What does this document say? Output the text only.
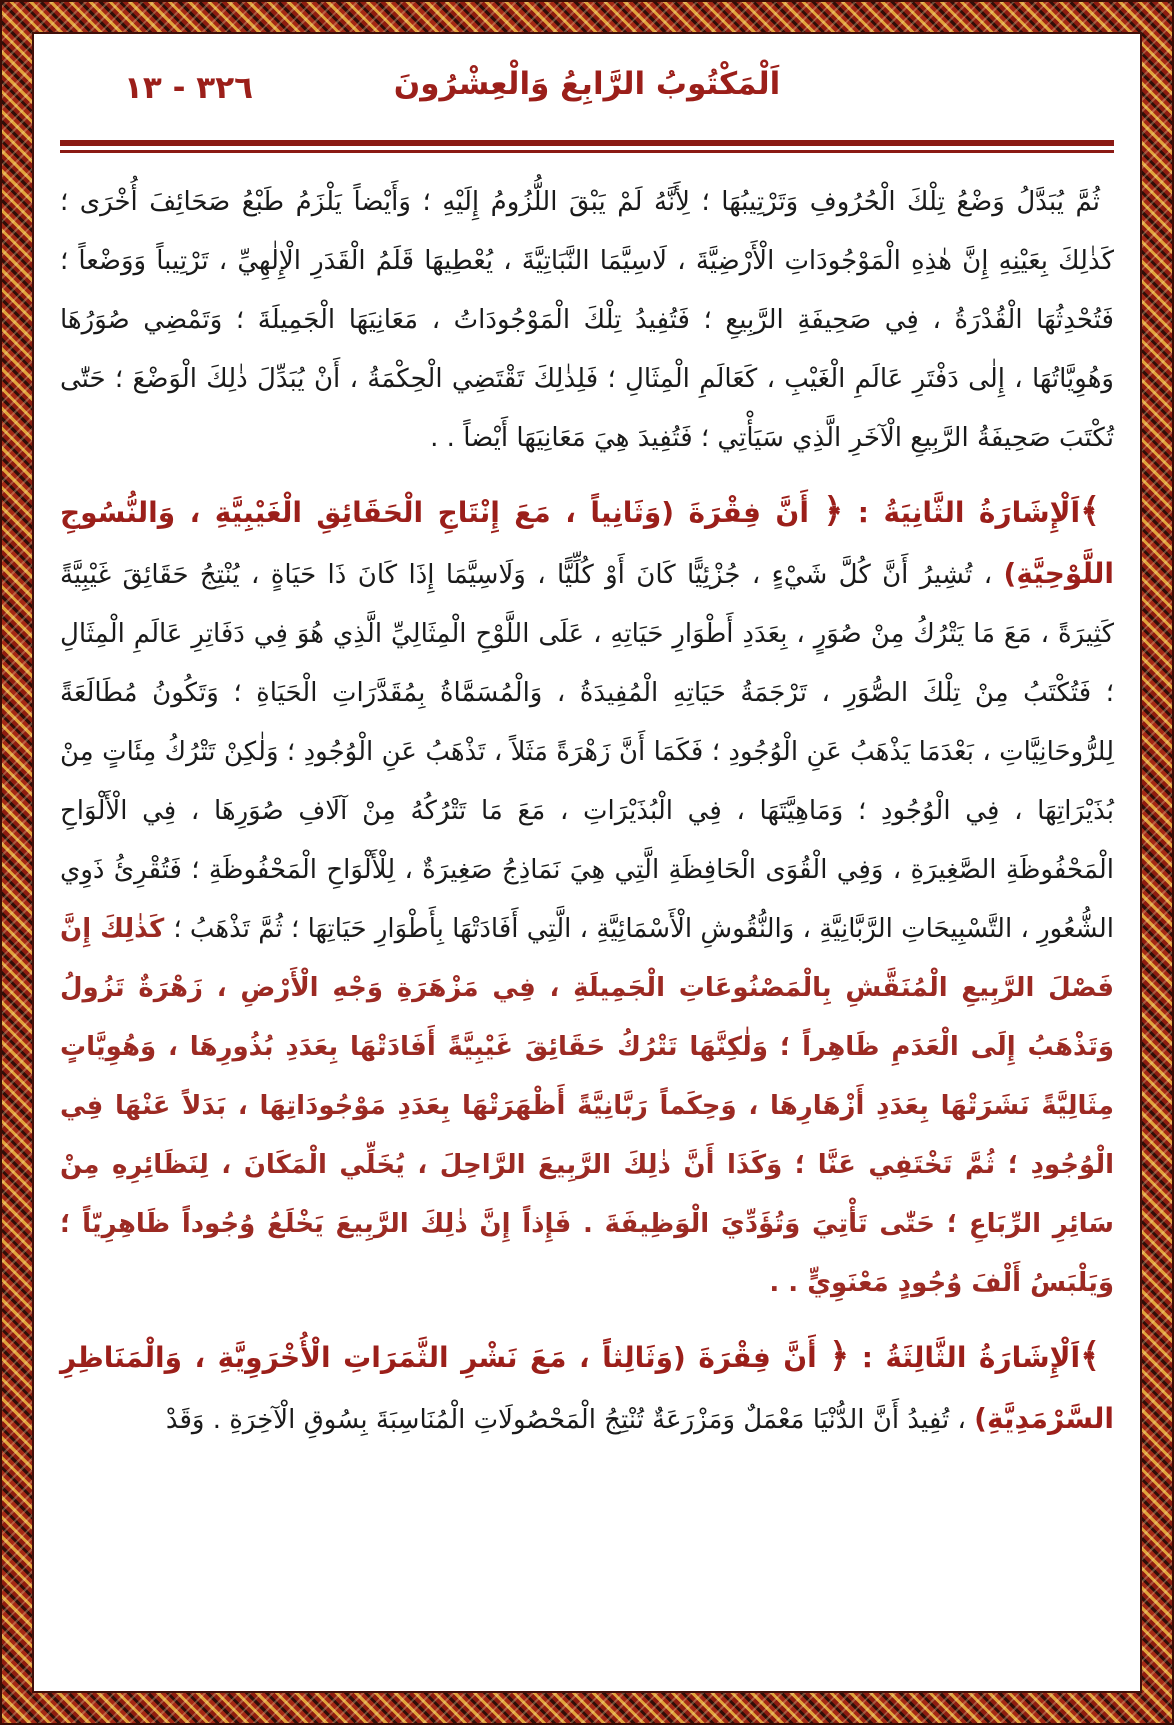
٣٢٦ - ١٣	اَلْمَكْتُوبُ الرَّابِعُ وَالْعِشْرُونَ

ثُمَّ يُبَدَّلُ وَضْعُ تِلْكَ الْحُرُوفِ وَتَرْتِيبُهَا ؛ لِأَنَّهُ لَمْ يَبْقَ اللُّزُومُ إِلَيْهِ ؛ وَأَيْضاً يَلْزَمُ طَبْعُ صَحَائِفَ أُخْرَى ؛ كَذٰلِكَ بِعَيْنِهِ إِنَّ هٰذِهِ الْمَوْجُودَاتِ الْأَرْضِيَّةَ ، لَاسِيَّمَا النَّبَاتِيَّةَ ، يُعْطِيهَا قَلَمُ الْقَدَرِ الْإِلٰهِيِّ ، تَرْتِيباً وَوَضْعاً ؛ فَتُحْدِثُهَا الْقُدْرَةُ ، فِي صَحِيفَةِ الرَّبِيعِ ؛ فَتُفِيدُ تِلْكَ الْمَوْجُودَاتُ ، مَعَانِيَهَا الْجَمِيلَةَ ؛ وَتَمْضِي صُوَرُهَا وَهُوِيَّاتُهَا ، إِلٰى دَفْتَرِ عَالَمِ الْغَيْبِ ، كَعَالَمِ الْمِثَالِ ؛ فَلِذٰلِكَ تَقْتَضِي الْحِكْمَةُ ، أَنْ يُبَدِّلَ ذٰلِكَ الْوَضْعَ ؛ حَتّٰى تُكْتَبَ صَحِيفَةُ الرَّبِيعِ الْآخَرِ الَّذِي سَيَأْتِي ؛ فَتُفِيدَ هِيَ مَعَانِيَهَا أَيْضاً . .

﴾اَلْإِشَارَةُ الثَّانِيَةُ : ﴿ أَنَّ فِقْرَةَ (وَثَانِياً ، مَعَ إِنْتَاجِ الْحَقَائِقِ الْغَيْبِيَّةِ ، وَالنُّسُوجِ اللَّوْحِيَّةِ) ، تُشِيرُ أَنَّ كُلَّ شَيْءٍ ، جُزْئِيًّا كَانَ أَوْ كُلِّيًّا ، وَلَاسِيَّمَا إِذَا كَانَ ذَا حَيَاةٍ ، يُنْتِجُ حَقَائِقَ غَيْبِيَّةً كَثِيرَةً ، مَعَ مَا يَتْرُكُ مِنْ صُوَرٍ ، بِعَدَدِ أَطْوَارِ حَيَاتِهِ ، عَلَى اللَّوْحِ الْمِثَالِيِّ الَّذِي هُوَ فِي دَفَاتِرِ عَالَمِ الْمِثَالِ ؛ فَتُكْتَبُ مِنْ تِلْكَ الصُّوَرِ ، تَرْجَمَةُ حَيَاتِهِ الْمُفِيدَةُ ، وَالْمُسَمَّاةُ بِمُقَدَّرَاتِ الْحَيَاةِ ؛ وَتَكُونُ مُطَالَعَةً لِلرُّوحَانِيَّاتِ ، بَعْدَمَا يَذْهَبُ عَنِ الْوُجُودِ ؛ فَكَمَا أَنَّ زَهْرَةً مَثَلاً ، تَذْهَبُ عَنِ الْوُجُودِ ؛ وَلٰكِنْ تَتْرُكُ مِئَاتٍ مِنْ بُذَيْرَاتِهَا ، فِي الْوُجُودِ ؛ وَمَاهِيَّتَهَا ، فِي الْبُذَيْرَاتِ ، مَعَ مَا تَتْرُكُهُ مِنْ آلَافِ صُوَرِهَا ، فِي الْأَلْوَاحِ الْمَحْفُوظَةِ الصَّغِيرَةِ ، وَفِي الْقُوَى الْحَافِظَةِ الَّتِي هِيَ نَمَاذِجُ صَغِيرَةٌ ، لِلْأَلْوَاحِ الْمَحْفُوظَةِ ؛ فَتُقْرِئُ ذَوِي الشُّعُورِ ، التَّسْبِيحَاتِ الرَّبَّانِيَّةِ ، وَالنُّقُوشِ الْأَسْمَائِيَّةِ ، الَّتِي أَفَادَتْهَا بِأَطْوَارِ حَيَاتِهَا ؛ ثُمَّ تَذْهَبُ ؛ كَذٰلِكَ إِنَّ فَصْلَ الرَّبِيعِ الْمُنَقَّشِ بِالْمَصْنُوعَاتِ الْجَمِيلَةِ ، فِي مَزْهَرَةِ وَجْهِ الْأَرْضِ ، زَهْرَةٌ تَزُولُ وَتَذْهَبُ إِلَى الْعَدَمِ ظَاهِراً ؛ وَلٰكِنَّهَا تَتْرُكُ حَقَائِقَ غَيْبِيَّةً أَفَادَتْهَا بِعَدَدِ بُذُورِهَا ، وَهُوِيَّاتٍ مِثَالِيَّةً نَشَرَتْهَا بِعَدَدِ أَزْهَارِهَا ، وَحِكَماً رَبَّانِيَّةً أَظْهَرَتْهَا بِعَدَدِ مَوْجُودَاتِهَا ، بَدَلاً عَنْهَا فِي الْوُجُودِ ؛ ثُمَّ تَخْتَفِي عَنَّا ؛ وَكَذَا أَنَّ ذٰلِكَ الرَّبِيعَ الرَّاحِلَ ، يُخَلِّي الْمَكَانَ ، لِنَظَائِرِهِ مِنْ سَائِرِ الرِّبَاعِ ؛ حَتّٰى تَأْتِيَ وَتُؤَدِّيَ الْوَظِيفَةَ . فَإِذاً إِنَّ ذٰلِكَ الرَّبِيعَ يَخْلَعُ وُجُوداً ظَاهِرِيّاً ؛ وَيَلْبَسُ أَلْفَ وُجُودٍ مَعْنَوِيٍّ . .

﴾اَلْإِشَارَةُ الثَّالِثَةُ : ﴿ أَنَّ فِقْرَةَ (وَثَالِثاً ، مَعَ نَشْرِ الثَّمَرَاتِ الْأُخْرَوِيَّةِ ، وَالْمَنَاظِرِ السَّرْمَدِيَّةِ) ، تُفِيدُ أَنَّ الدُّنْيَا مَعْمَلٌ وَمَزْرَعَةٌ تُنْتِجُ الْمَحْصُولَاتِ الْمُنَاسِبَةَ بِسُوقِ الْآخِرَةِ . وَقَدْ
